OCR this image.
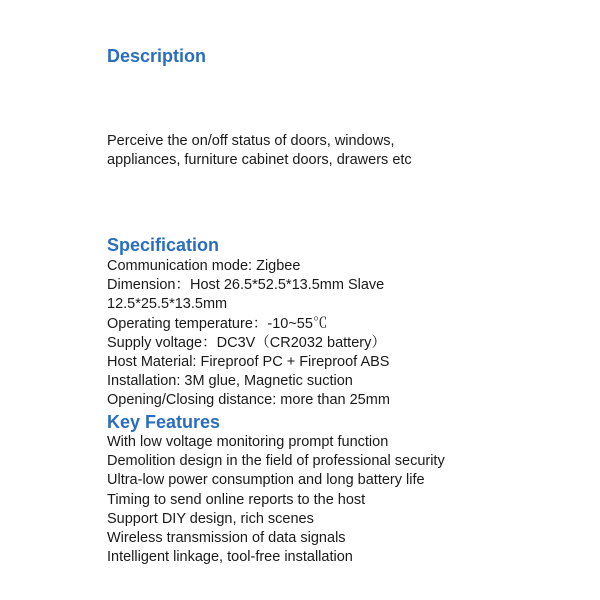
Description

Perceive the on/off status of doors, windows,
appliances, furniture cabinet doors, drawers etc

Specification
Communication mode: Zigbee
Dimension：Host 26.5*52.5*13.5mm Slave
12.5*25.5*13.5mm
Operating temperature：-10~55℃
Supply voltage：DC3V（CR2032 battery）
Host Material: Fireproof PC + Fireproof ABS
Installation: 3M glue, Magnetic suction
Opening/Closing distance: more than 25mm
Key Features
With low voltage monitoring prompt function
Demolition design in the field of professional security
Ultra-low power consumption and long battery life
Timing to send online reports to the host
Support DIY design, rich scenes
Wireless transmission of data signals
Intelligent linkage, tool-free installation
